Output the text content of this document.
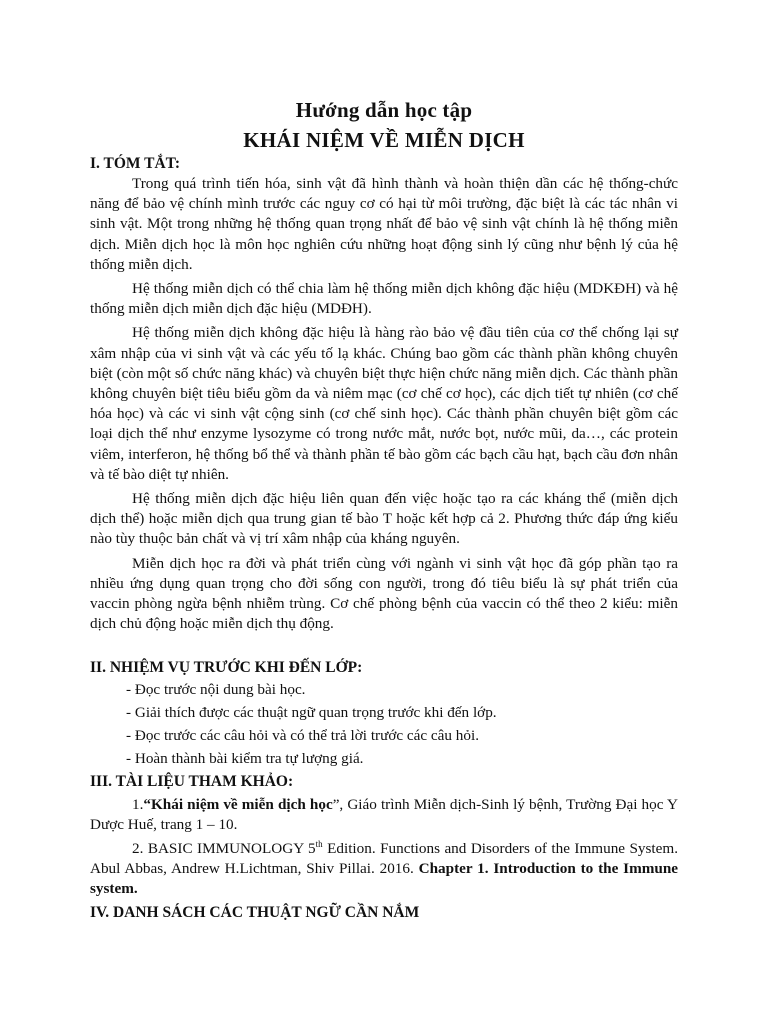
Hướng dẫn học tập
KHÁI NIỆM VỀ MIỄN DỊCH
I. TÓM TẮT:

Trong quá trình tiến hóa, sinh vật đã hình thành và hoàn thiện dần các hệ thống-chức năng để bảo vệ chính mình trước các nguy cơ có hại từ môi trường, đặc biệt là các tác nhân vi sinh vật. Một trong những hệ thống quan trọng nhất để bảo vệ sinh vật chính là hệ thống miễn dịch. Miễn dịch học là môn học nghiên cứu những hoạt động sinh lý cũng như bệnh lý của hệ thống miễn dịch.

Hệ thống miễn dịch có thể chia làm hệ thống miễn dịch không đặc hiệu (MDKĐH) và hệ thống miễn dịch miễn dịch đặc hiệu (MDĐH).

Hệ thống miễn dịch không đặc hiệu là hàng rào bảo vệ đầu tiên của cơ thể chống lại sự xâm nhập của vi sinh vật và các yếu tố lạ khác. Chúng bao gồm các thành phần không chuyên biệt (còn một số chức năng khác) và chuyên biệt thực hiện chức năng miễn dịch. Các thành phần không chuyên biệt tiêu biểu gồm da và niêm mạc (cơ chế cơ học), các dịch tiết tự nhiên (cơ chế hóa học) và các vi sinh vật cộng sinh (cơ chế sinh học). Các thành phần chuyên biệt gồm các loại dịch thể như enzyme lysozyme có trong nước mắt, nước bọt, nước mũi, da…, các protein viêm, interferon, hệ thống bổ thể và thành phần tế bào gồm các bạch cầu hạt, bạch cầu đơn nhân và tế bào diệt tự nhiên.

Hệ thống miễn dịch đặc hiệu liên quan đến việc hoặc tạo ra các kháng thể (miễn dịch dịch thể) hoặc miễn dịch qua trung gian tế bào T hoặc kết hợp cả 2. Phương thức đáp ứng kiểu nào tùy thuộc bản chất và vị trí xâm nhập của kháng nguyên.

Miễn dịch học ra đời và phát triển cùng với ngành vi sinh vật học đã góp phần tạo ra nhiều ứng dụng quan trọng cho đời sống con người, trong đó tiêu biểu là sự phát triển của vaccin phòng ngừa bệnh nhiễm trùng. Cơ chế phòng bệnh của vaccin có thể theo 2 kiểu: miễn dịch chủ động hoặc miễn dịch thụ động.

II. NHIỆM VỤ TRƯỚC KHI ĐẾN LỚP:
- Đọc trước nội dung bài học.
- Giải thích được các thuật ngữ quan trọng trước khi đến lớp.
- Đọc trước các câu hỏi và có thể trả lời trước các câu hỏi.
- Hoàn thành bài kiểm tra tự lượng giá.
III. TÀI LIỆU THAM KHẢO:

1.“Khái niệm về miễn dịch học”, Giáo trình Miễn dịch-Sinh lý bệnh, Trường Đại học Y Dược Huế, trang 1 – 10.

2. BASIC IMMUNOLOGY 5th Edition. Functions and Disorders of the Immune System. Abul Abbas, Andrew H.Lichtman, Shiv Pillai. 2016. Chapter 1. Introduction to the Immune system.

IV. DANH SÁCH CÁC THUẬT NGỮ CẦN NẮM
